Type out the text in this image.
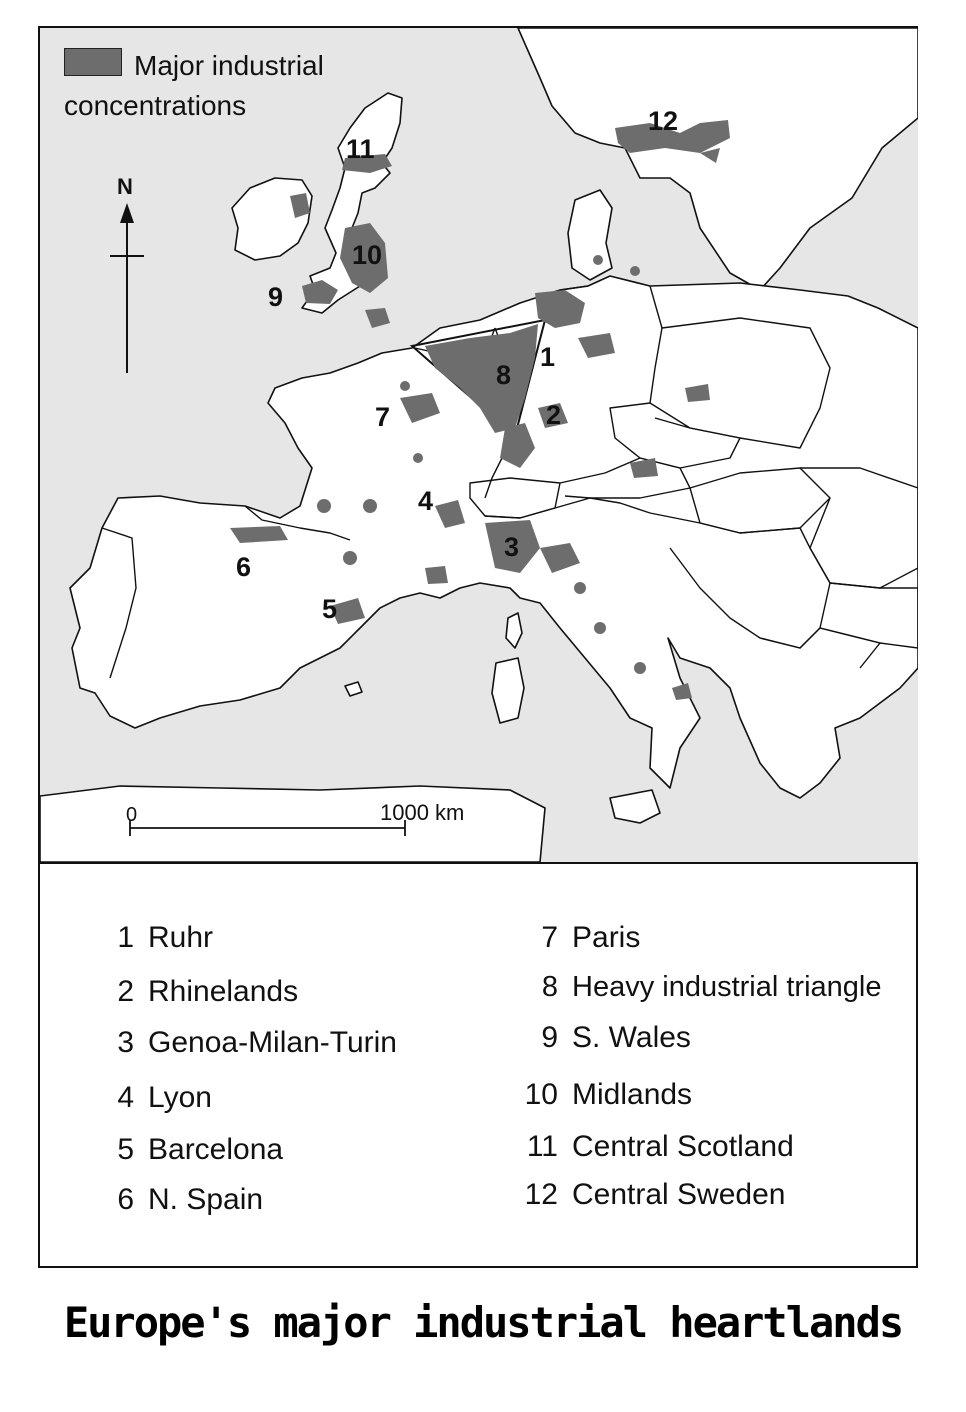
Major industrial
concentrations
N
0	1000 km
1
2
3
4
5
6
7
8
9
10
11
12
1 Ruhr
2 Rhinelands
3 Genoa-Milan-Turin
4 Lyon
5 Barcelona
6 N. Spain
7 Paris
8 Heavy industrial triangle
9 S. Wales
10 Midlands
11 Central Scotland
12 Central Sweden
Europe's major industrial heartlands
